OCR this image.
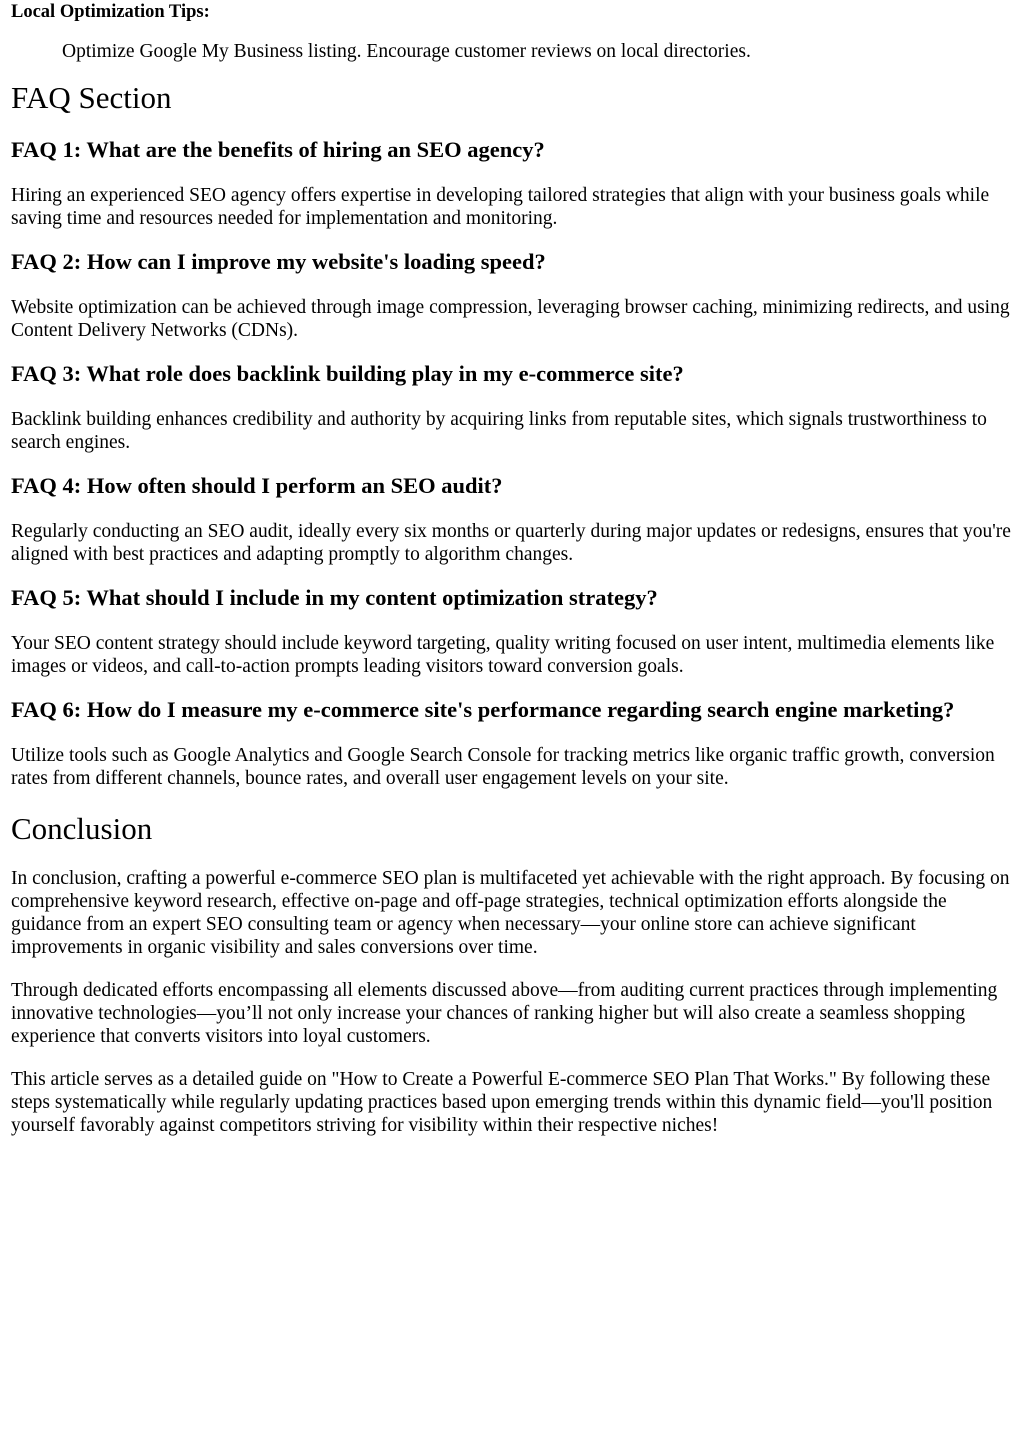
Local Optimization Tips:
Optimize Google My Business listing. Encourage customer reviews on local directories.
FAQ Section
FAQ 1: What are the benefits of hiring an SEO agency?

Hiring an experienced SEO agency offers expertise in developing tailored strategies that align with your business goals while saving time and resources needed for implementation and monitoring.

FAQ 2: How can I improve my website's loading speed?

Website optimization can be achieved through image compression, leveraging browser caching, minimizing redirects, and using Content Delivery Networks (CDNs).

FAQ 3: What role does backlink building play in my e-commerce site?

Backlink building enhances credibility and authority by acquiring links from reputable sites, which signals trustworthiness to search engines.

FAQ 4: How often should I perform an SEO audit?

Regularly conducting an SEO audit, ideally every six months or quarterly during major updates or redesigns, ensures that you're aligned with best practices and adapting promptly to algorithm changes.

FAQ 5: What should I include in my content optimization strategy?

Your SEO content strategy should include keyword targeting, quality writing focused on user intent, multimedia elements like images or videos, and call-to-action prompts leading visitors toward conversion goals.

FAQ 6: How do I measure my e-commerce site's performance regarding search engine marketing?

Utilize tools such as Google Analytics and Google Search Console for tracking metrics like organic traffic growth, conversion rates from different channels, bounce rates, and overall user engagement levels on your site.

Conclusion

In conclusion, crafting a powerful e-commerce SEO plan is multifaceted yet achievable with the right approach. By focusing on comprehensive keyword research, effective on-page and off-page strategies, technical optimization efforts alongside the guidance from an expert SEO consulting team or agency when necessary—your online store can achieve significant improvements in organic visibility and sales conversions over time.

Through dedicated efforts encompassing all elements discussed above—from auditing current practices through implementing innovative technologies—you’ll not only increase your chances of ranking higher but will also create a seamless shopping experience that converts visitors into loyal customers.

This article serves as a detailed guide on "How to Create a Powerful E-commerce SEO Plan That Works." By following these steps systematically while regularly updating practices based upon emerging trends within this dynamic field—you'll position yourself favorably against competitors striving for visibility within their respective niches!
